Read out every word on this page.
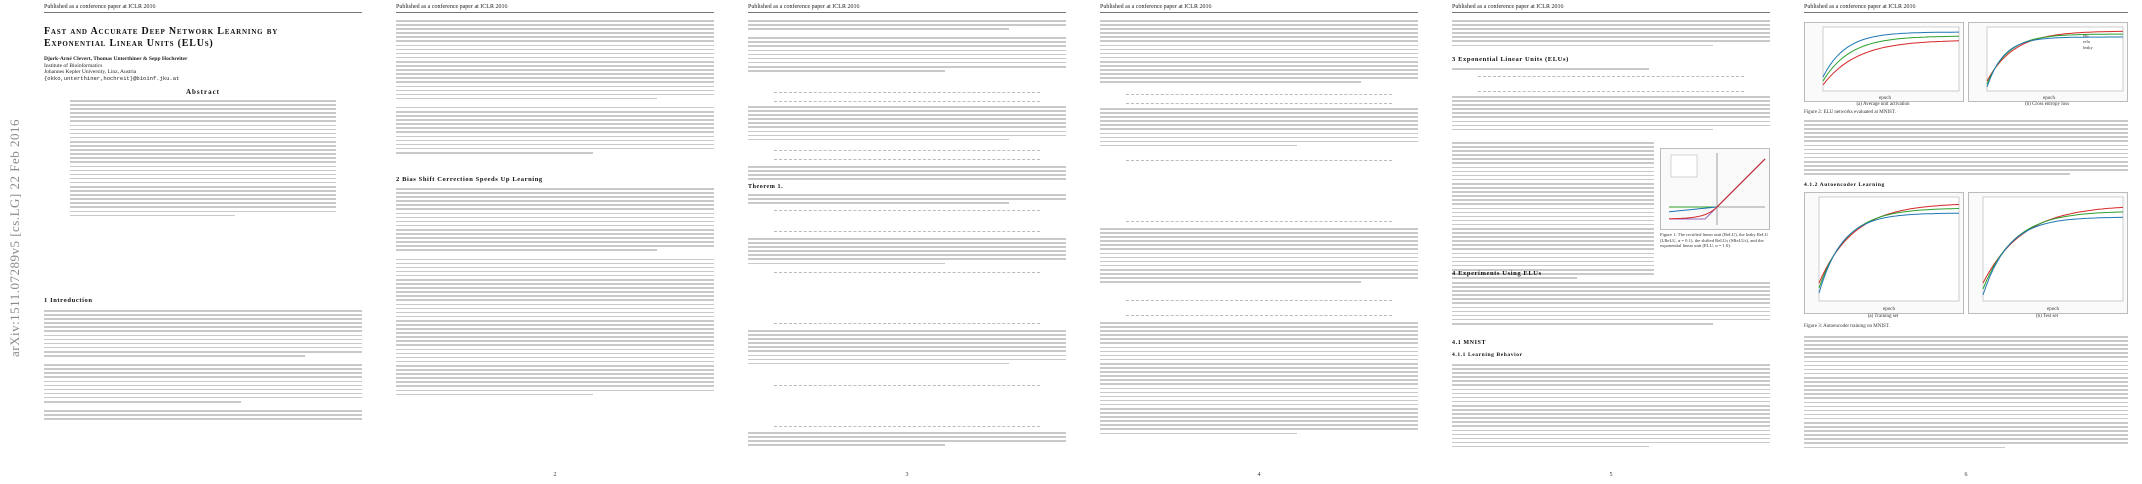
arXiv:1511.07289v5 [cs.LG] 22 Feb 2016
Published as a conference paper at ICLR 2016
Fast and Accurate Deep Network Learning by
Exponential Linear Units (ELUs)
Djork-Arné Clevert, Thomas Unterthiner & Sepp Hochreiter
Institute of Bioinformatics
Johannes Kepler University, Linz, Austria
{okko,unterthiner,hochreit}@bioinf.jku.at
Abstract
1 Introduction
Published as a conference paper at ICLR 2016
2 Bias Shift Correction Speeds Up Learning
2
Published as a conference paper at ICLR 2016
Theorem 1.
3
Published as a conference paper at ICLR 2016
4
Published as a conference paper at ICLR 2016
3 Exponential Linear Units (ELUs)
Figure 1: The rectified linear unit (ReLU), the leaky ReLU (LReLU, α = 0.1), the shifted ReLUs (SReLUs), and the exponential linear unit (ELU, α = 1.0).
4 Experiments Using ELUs
4.1 MNIST
4.1.1 Learning Behavior
5
Published as a conference paper at ICLR 2016
epoch
(a) Average unit activation
elu
relu
leaky
epoch
(b) Cross entropy loss
Figure 2: ELU networks evaluated at MNIST.
4.1.2 Autoencoder Learning
epoch
(a) Training set
epoch
(b) Test set
Figure 3: Autoencoder training on MNIST.
6
